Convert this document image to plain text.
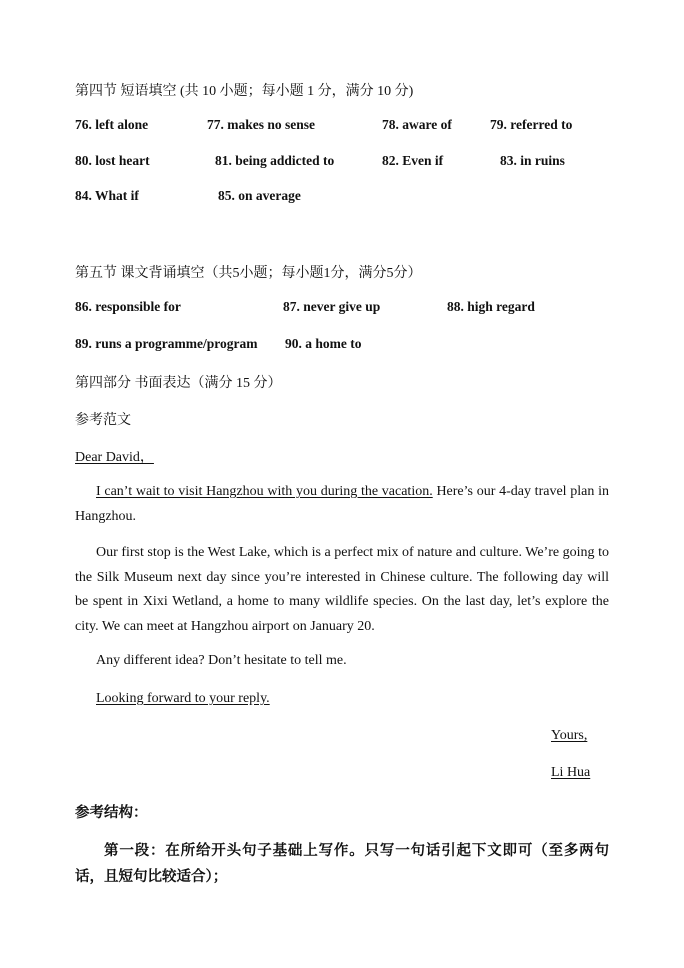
第四节 短语填空 (共 10 小题；每小题 1 分，满分 10 分)
76. left alone	77. makes no sense	78. aware of	79. referred to
80. lost heart	81. being addicted to	82. Even if	83. in ruins
84. What if	85. on average
第五节 课文背诵填空（共5小题；每小题1分，满分5分）
86. responsible for	87. never give up	88. high regard
89. runs a programme/program 90. a home to
第四部分 书面表达（满分 15 分）
参考范文
Dear David，
I can’t wait to visit Hangzhou with you during the vacation. Here’s our 4-day travel plan in Hangzhou.
Our first stop is the West Lake, which is a perfect mix of nature and culture. We’re going to the Silk Museum next day since you’re interested in Chinese culture. The following day will be spent in Xixi Wetland, a home to many wildlife species. On the last day, let’s explore the city. We can meet at Hangzhou airport on January 20.
Any different idea? Don’t hesitate to tell me.
Looking forward to your reply.
Yours,
Li Hua
参考结构：
第一段：在所给开头句子基础上写作。只写一句话引起下文即可（至多两句话，且短句比较适合）；
